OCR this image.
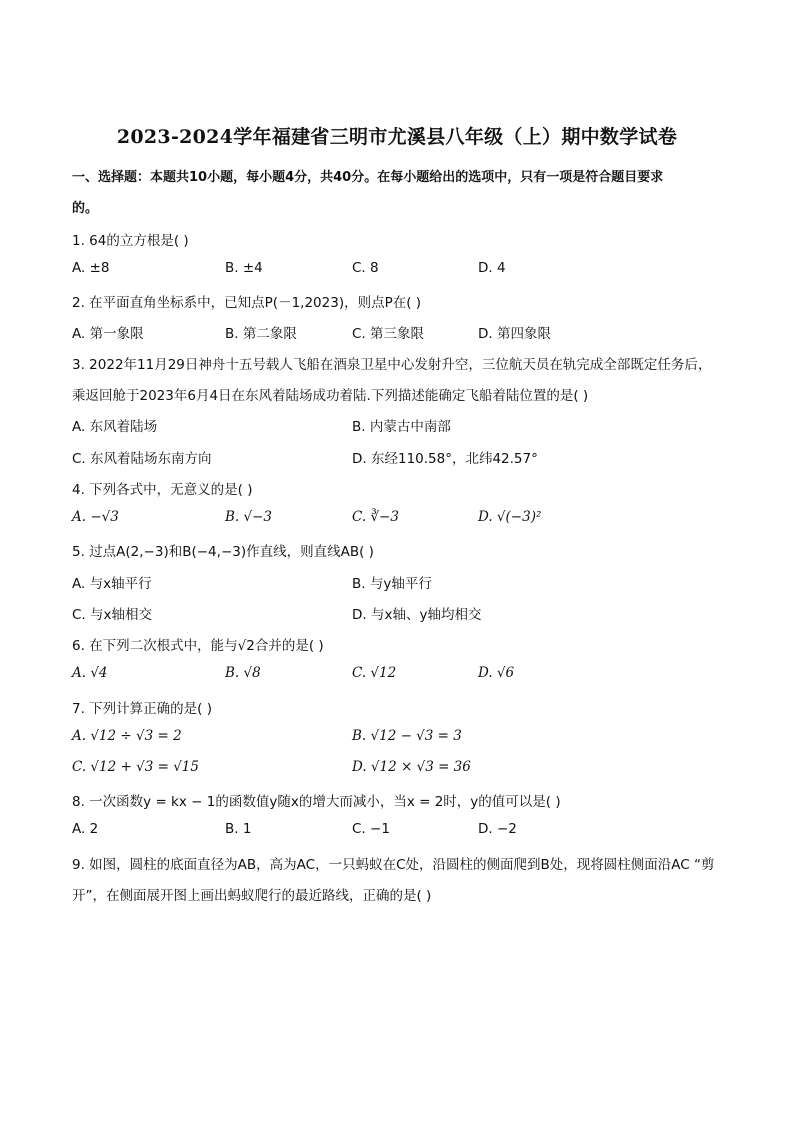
2023-2024学年福建省三明市尤溪县八年级（上）期中数学试卷
一、选择题：本题共10小题，每小题4分，共40分。在每小题给出的选项中，只有一项是符合题目要求
的。
1. 64的立方根是( )
A. ±8	B. ±4	C. 8	D. 4
2. 在平面直角坐标系中，已知点P(－1,2023)，则点P在( )
A. 第一象限	B. 第二象限	C. 第三象限	D. 第四象限
3. 2022年11月29日神舟十五号载人飞船在酒泉卫星中心发射升空，三位航天员在轨完成全部既定任务后，
乘返回舱于2023年6月4日在东风着陆场成功着陆.下列描述能确定飞船着陆位置的是( )
A. 东风着陆场	B. 内蒙古中南部
C. 东风着陆场东南方向	D. 东经110.58°，北纬42.57°
4. 下列各式中，无意义的是( )
A. −√3	B. √−3	C. ∛−3	D. √(−3)²
5. 过点A(2,−3)和B(−4,−3)作直线，则直线AB( )
A. 与x轴平行	B. 与y轴平行
C. 与x轴相交	D. 与x轴、y轴均相交
6. 在下列二次根式中，能与√2合并的是( )
A. √4	B. √8	C. √12	D. √6
7. 下列计算正确的是( )
A. √12 ÷ √3 = 2	B. √12 − √3 = 3
C. √12 + √3 = √15	D. √12 × √3 = 36
8. 一次函数y = kx − 1的函数值y随x的增大而减小，当x = 2时，y的值可以是( )
A. 2	B. 1	C. −1	D. −2
9. 如图，圆柱的底面直径为AB，高为AC，一只蚂蚁在C处，沿圆柱的侧面爬到B处，现将圆柱侧面沿AC “剪
开”，在侧面展开图上画出蚂蚁爬行的最近路线，正确的是( )
